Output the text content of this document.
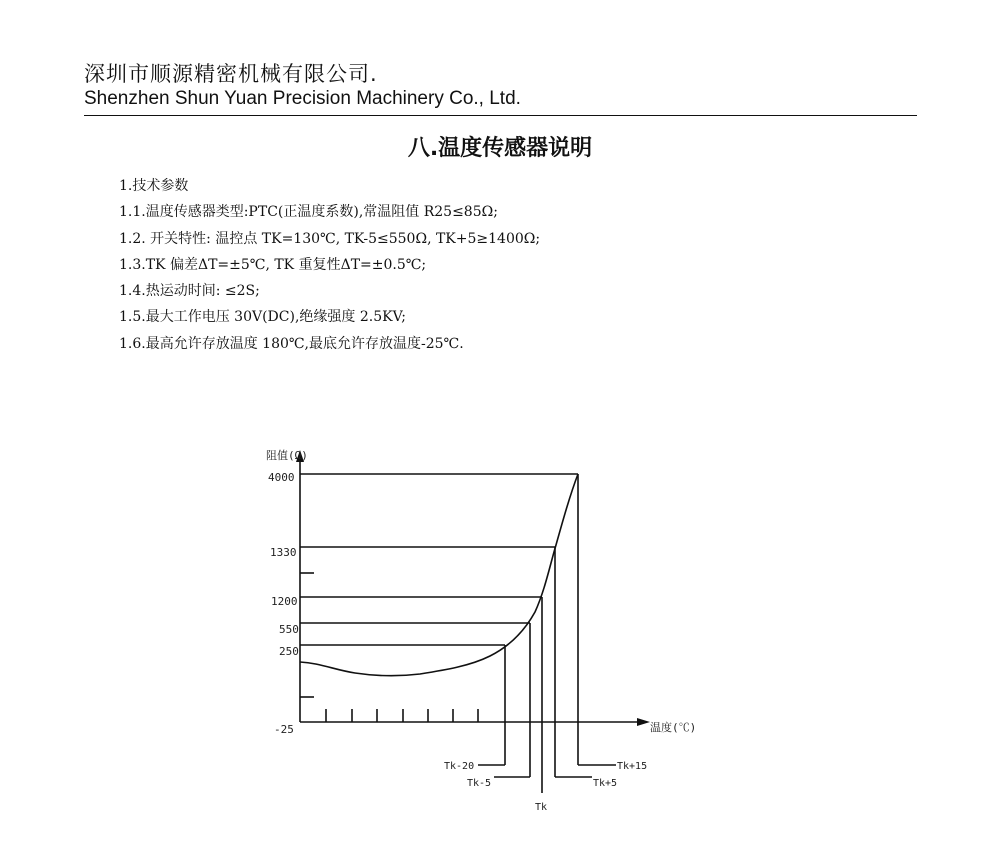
深圳市顺源精密机械有限公司.
Shenzhen Shun Yuan Precision Machinery Co., Ltd.
八.温度传感器说明
1.技术参数
1.1.温度传感器类型:PTC(正温度系数),常温阻值 R25≤85Ω;
1.2. 开关特性: 温控点 TK=130℃, TK-5≤550Ω, TK+5≥1400Ω;
1.3.TK 偏差ΔT=±5℃, TK 重复性ΔT=±0.5℃;
1.4.热运动时间: ≤2S;
1.5.最大工作电压 30V(DC),绝缘强度 2.5KV;
1.6.最高允许存放温度 180℃,最底允许存放温度-25℃.
阻值(Ω)
温度(℃)
4000
1330
1200
550
250
-25
Tk-20
Tk-5
Tk
Tk+5
Tk+15
